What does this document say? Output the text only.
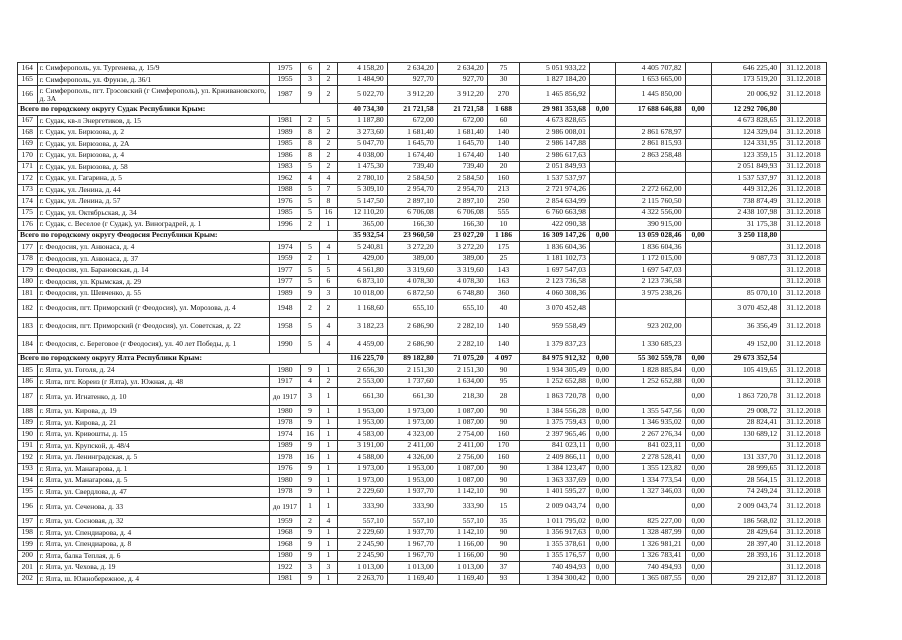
164	г. Симферополь, ул. Тургенева, д. 15/9	1975	6	2	4 158,20	2 634,20	2 634,20	75	5 051 933,22		4 405 707,82		646 225,40	31.12.2018
165	г. Симферополь, ул. Фрунзе, д. 36/1	1955	3	2	1 484,90	927,70	927,70	30	1 827 184,20		1 653 665,00		173 519,20	31.12.2018
166	г. Симферополь, пгт. Грэсовский (г Симферополь), ул. Крживановского, д. 3А	1987	9	2	5 022,70	3 912,20	3 912,20	270	1 465 856,92		1 445 850,00		20 006,92	31.12.2018
Всего по городскому округу Судак Республики Крым:					40 734,30	21 721,58	21 721,58	1 688	29 981 353,68	0,00	17 688 646,88	0,00	12 292 706,80	
167	г. Судак, кв-л Энергетиков, д. 15	1981	2	5	1 187,80	672,00	672,00	60	4 673 828,65				4 673 828,65	31.12.2018
168	г. Судак, ул. Бирюзова, д. 2	1989	8	2	3 273,60	1 681,40	1 681,40	140	2 986 008,01		2 861 678,97		124 329,04	31.12.2018
169	г. Судак, ул. Бирюзова, д. 2А	1985	8	2	5 047,70	1 645,70	1 645,70	140	2 986 147,88		2 861 815,93		124 331,95	31.12.2018
170	г. Судак, ул. Бирюзова, д. 4	1986	8	2	4 038,00	1 674,40	1 674,40	140	2 986 617,63		2 863 258,48		123 359,15	31.12.2018
171	г. Судак, ул. Бирюзова, д. 58	1983	5	2	1 475,30	739,40	739,40	20	2 051 849,93				2 051 849,93	31.12.2018
172	г. Судак, ул. Гагарина, д. 5	1962	4	4	2 780,10	2 584,50	2 584,50	160	1 537 537,97				1 537 537,97	31.12.2018
173	г. Судак, ул. Ленина, д. 44	1988	5	7	5 309,10	2 954,70	2 954,70	213	2 721 974,26		2 272 662,00		449 312,26	31.12.2018
174	г. Судак, ул. Ленина, д. 57	1976	5	8	5 147,50	2 897,10	2 897,10	250	2 854 634,99		2 115 760,50		738 874,49	31.12.2018
175	г. Судак, ул. Октябрьская, д. 34	1985	5	16	12 110,20	6 706,08	6 706,08	555	6 760 663,98		4 322 556,00		2 438 107,98	31.12.2018
176	г. Судак, с. Веселое (г Судак), ул. Виноградрей, д. 1	1996	2	1	365,00	166,30	166,30	10	422 090,38		390 915,00		31 175,38	31.12.2018
Всего по городскому округу Феодосия Республики Крым:					35 932,54	23 960,50	23 027,20	1 186	16 309 147,26	0,00	13 059 028,46	0,00	3 250 118,80	
177	г. Феодосия, ул. Анюнаса, д. 4	1974	5	4	5 240,81	3 272,20	3 272,20	175	1 836 604,36		1 836 604,36			31.12.2018
178	г. Феодосия, ул. Анюнаса, д. 37	1959	2	1	429,00	389,00	389,00	25	1 181 102,73		1 172 015,00		9 087,73	31.12.2018
179	г. Феодосия, ул. Барановская, д. 14	1977	5	5	4 561,80	3 319,60	3 319,60	143	1 697 547,03		1 697 547,03			31.12.2018
180	г. Феодосия, ул. Крымская, д. 29	1977	5	6	6 873,10	4 078,30	4 078,30	163	2 123 736,58		2 123 736,58			31.12.2018
181	г. Феодосия, ул. Шевченко, д. 55	1989	9	3	10 018,00	6 872,50	6 748,80	360	4 060 308,36		3 975 238,26		85 070,10	31.12.2018
182	г. Феодосия, пгт. Приморский (г Феодосия), ул. Морозова, д. 4	1948	2	2	1 168,60	655,10	655,10	40	3 070 452,48				3 070 452,48	31.12.2018
183	г. Феодосия, пгт. Приморский (г Феодосия), ул. Советская, д. 22	1958	5	4	3 182,23	2 686,90	2 282,10	140	959 558,49		923 202,00		36 356,49	31.12.2018
184	г. Феодосия, с. Береговое (г Феодосия), ул. 40 лет Победы, д. 1	1990	5	4	4 459,00	2 686,90	2 282,10	140	1 379 837,23		1 330 685,23		49 152,00	31.12.2018
Всего по городскому округу Ялта Республики Крым:					116 225,70	89 182,80	71 075,20	4 097	84 975 912,32	0,00	55 302 559,78	0,00	29 673 352,54	
185	г. Ялта, ул. Гоголя, д. 24	1980	9	1	2 656,30	2 151,30	2 151,30	90	1 934 305,49	0,00	1 828 885,84	0,00	105 419,65	31.12.2018
186	г. Ялта, пгт. Кореиз (г Ялта), ул. Южная, д. 48	1917	4	2	2 553,00	1 737,60	1 634,00	95	1 252 652,88	0,00	1 252 652,88	0,00		31.12.2018
187	г. Ялта, ул. Игнатенко, д. 10	до 1917	3	1	661,30	661,30	218,30	28	1 863 720,78	0,00		0,00	1 863 720,78	31.12.2018
188	г. Ялта, ул. Кирова, д. 19	1980	9	1	1 953,00	1 973,00	1 087,00	90	1 384 556,28	0,00	1 355 547,56	0,00	29 008,72	31.12.2018
189	г. Ялта, ул. Кирова, д. 21	1978	9	1	1 953,00	1 973,00	1 087,00	90	1 375 759,43	0,00	1 346 935,02	0,00	28 824,41	31.12.2018
190	г. Ялта, ул. Кривошты, д. 15	1974	16	1	4 583,00	4 323,00	2 754,00	160	2 397 965,46	0,00	2 267 276,34	0,00	130 689,12	31.12.2018
191	г. Ялта, ул. Крупской, д. 48/4	1989	9	1	3 191,00	2 411,00	2 411,00	170	841 023,11	0,00	841 023,11	0,00		31.12.2018
192	г. Ялта, ул. Ленинградская, д. 5	1978	16	1	4 588,00	4 326,00	2 756,00	160	2 409 866,11	0,00	2 278 528,41	0,00	131 337,70	31.12.2018
193	г. Ялта, ул. Манагарова, д. 1	1976	9	1	1 973,00	1 953,00	1 087,00	90	1 384 123,47	0,00	1 355 123,82	0,00	28 999,65	31.12.2018
194	г. Ялта, ул. Манагарова, д. 5	1980	9	1	1 973,00	1 953,00	1 087,00	90	1 363 337,69	0,00	1 334 773,54	0,00	28 564,15	31.12.2018
195	г. Ялта, ул. Свердлова, д. 47	1978	9	1	2 229,60	1 937,70	1 142,10	90	1 401 595,27	0,00	1 327 346,03	0,00	74 249,24	31.12.2018
196	г. Ялта, ул. Сеченова, д. 33	до 1917	1	1	333,90	333,90	333,90	15	2 009 043,74	0,00		0,00	2 009 043,74	31.12.2018
197	г. Ялта, ул. Сосновая, д. 32	1959	2	4	557,10	557,10	557,10	35	1 011 795,02	0,00	825 227,00	0,00	186 568,02	31.12.2018
198	г. Ялта, ул. Спендиарова, д. 4	1968	9	1	2 229,60	1 937,70	1 142,10	90	1 356 917,63	0,00	1 328 487,99	0,00	28 429,64	31.12.2018
199	г. Ялта, ул. Спендиарова, д. 8	1968	9	1	2 245,90	1 967,70	1 166,00	90	1 355 378,61	0,00	1 326 981,21	0,00	28 397,40	31.12.2018
200	г. Ялта, балка Теплая, д. 6	1980	9	1	2 245,90	1 967,70	1 166,00	90	1 355 176,57	0,00	1 326 783,41	0,00	28 393,16	31.12.2018
201	г. Ялта, ул. Чехова, д. 19	1922	3	3	1 013,00	1 013,00	1 013,00	37	740 494,93	0,00	740 494,93	0,00		31.12.2018
202	г. Ялта, ш. Южнобережное, д. 4	1981	9	1	2 263,70	1 169,40	1 169,40	93	1 394 300,42	0,00	1 365 087,55	0,00	29 212,87	31.12.2018
